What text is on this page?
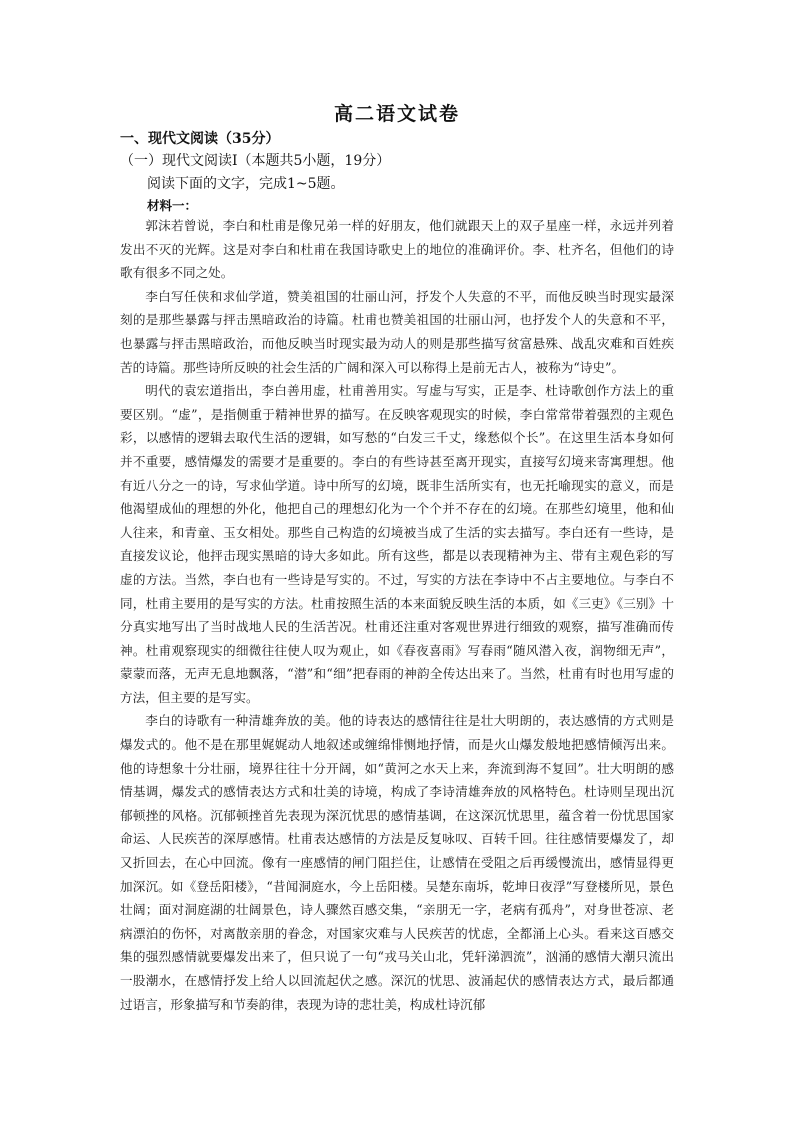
高二语文试卷
一、现代文阅读（35分）
（一）现代文阅读Ⅰ（本题共5小题，19分）
阅读下面的文字，完成1~5题。
材料一：

郭沫若曾说，李白和杜甫是像兄弟一样的好朋友，他们就跟天上的双子星座一样，永远并列着发出不灭的光辉。这是对李白和杜甫在我国诗歌史上的地位的准确评价。李、杜齐名，但他们的诗歌有很多不同之处。

李白写任侠和求仙学道，赞美祖国的壮丽山河，抒发个人失意的不平，而他反映当时现实最深刻的是那些暴露与抨击黑暗政治的诗篇。杜甫也赞美祖国的壮丽山河，也抒发个人的失意和不平，也暴露与抨击黑暗政治，而他反映当时现实最为动人的则是那些描写贫富悬殊、战乱灾难和百姓疾苦的诗篇。那些诗所反映的社会生活的广阔和深入可以称得上是前无古人，被称为“诗史”。

明代的袁宏道指出，李白善用虚，杜甫善用实。写虚与写实，正是李、杜诗歌创作方法上的重要区别。“虚”，是指侧重于精神世界的描写。在反映客观现实的时候，李白常常带着强烈的主观色彩，以感情的逻辑去取代生活的逻辑，如写愁的“白发三千丈，缘愁似个长”。在这里生活本身如何并不重要，感情爆发的需要才是重要的。李白的有些诗甚至离开现实，直接写幻境来寄寓理想。他有近八分之一的诗，写求仙学道。诗中所写的幻境，既非生活所实有，也无托喻现实的意义，而是他渴望成仙的理想的外化，他把自己的理想幻化为一个个并不存在的幻境。在那些幻境里，他和仙人往来，和青童、玉女相处。那些自己构造的幻境被当成了生活的实去描写。李白还有一些诗，是直接发议论，他抨击现实黑暗的诗大多如此。所有这些，都是以表现精神为主、带有主观色彩的写虚的方法。当然，李白也有一些诗是写实的。不过，写实的方法在李诗中不占主要地位。与李白不同，杜甫主要用的是写实的方法。杜甫按照生活的本来面貌反映生活的本质，如《三吏》《三别》十分真实地写出了当时战地人民的生活苦况。杜甫还注重对客观世界进行细致的观察，描写准确而传神。杜甫观察现实的细微往往使人叹为观止，如《春夜喜雨》写春雨“随风潜入夜，润物细无声”，蒙蒙而落，无声无息地飘落，“潜”和“细”把春雨的神韵全传达出来了。当然，杜甫有时也用写虚的方法，但主要的是写实。

李白的诗歌有一种清雄奔放的美。他的诗表达的感情往往是壮大明朗的，表达感情的方式则是爆发式的。他不是在那里娓娓动人地叙述或缠绵悱恻地抒情，而是火山爆发般地把感情倾泻出来。他的诗想象十分壮丽，境界往往十分开阔，如“黄河之水天上来，奔流到海不复回”。壮大明朗的感情基调，爆发式的感情表达方式和壮美的诗境，构成了李诗清雄奔放的风格特色。杜诗则呈现出沉郁顿挫的风格。沉郁顿挫首先表现为深沉忧思的感情基调，在这深沉忧思里，蕴含着一份忧思国家命运、人民疾苦的深厚感情。杜甫表达感情的方法是反复咏叹、百转千回。往往感情要爆发了，却又折回去，在心中回流。像有一座感情的闸门阻拦住，让感情在受阻之后再缓慢流出，感情显得更加深沉。如《登岳阳楼》，“昔闻洞庭水，今上岳阳楼。吴楚东南坼，乾坤日夜浮”写登楼所见，景色壮阔；面对洞庭湖的壮阔景色，诗人骤然百感交集，“亲朋无一字，老病有孤舟”，对身世苍凉、老病漂泊的伤怀，对离散亲朋的眷念，对国家灾难与人民疾苦的忧虑，全都涌上心头。看来这百感交集的强烈感情就要爆发出来了，但只说了一句“戎马关山北，凭轩涕泗流”，汹涌的感情大潮只流出一股潮水，在感情抒发上给人以回流起伏之感。深沉的忧思、波涌起伏的感情表达方式，最后都通过语言，形象描写和节奏韵律，表现为诗的悲壮美，构成杜诗沉郁
